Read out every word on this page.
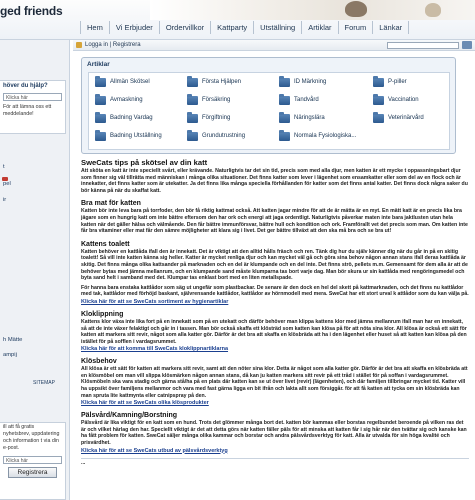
ged friends
Hem	Vi Erbjuder	Ordervillkor	Kattparty	Utställning	Artiklar	Forum	Länkar
höver du hjälp?
Klicka här
För att lämna oss ett meddelande!
t
pel
ir
h Mätte
ampij
SITEMAP
ill att få gratis nyhetsbrev, uppdatering och information t via din e-post.
Klicka här
Registrera
Logga in | Registrera
Artiklar
Allmän Skötsel	Första Hjälpen	ID Märkning	P-piller
Avmaskning	Försäkring	Tandvård	Vaccination
Badning Vardag	Förgiftning	Näringslära	Veterinärvård
Badning Utställning	Grundutrustning	Normala Fysiologiska...
SweCats tips på skötsel av din katt
Att sköta en katt är inte speciellt svårt, eller krävande. Naturligtvis tar det sin tid, precis som med alla djur, men katten är ett mycke t oppassningsbart djur som finner sig väl tillrätta med människan i många olika situationer. Det finns katter som lever i lägenhet som ensamkatter eller som del av en flock och är innekatter, det finns katter som är utekatter. Ja det finns lika många speciella förhållanden för katter som det finns antal katter. Det finns dock några saker du bör känna på när du skaffat katt.
Bra mat för katten
Katten bör inte leva bara på torrfoder, den bör få riktig kattmat också. Att katten jagar mindre för att de är mätta är en myt. En mätt katt är en precis lika bra jägare som en hungrig katt om inte bättre eftersom den har ork och energi att jaga ordentligt. Naturligtvis påverkar maten inte bara jaktlusten utan hela katten när det gäller hälsa och välmående. Den får bättre immunförsvar, bättre hull och kondition och ork. Framförallt vet det precis som man. Om katten inte får bra vitaminer eller mat får den sämre möjligheter att klara sig i livet. Det ger bättre tillväxt att den ska må bra och se bra ut!
Kattens toalett
Katten behöver en kattlåda ifall den är innekatt. Det är viktigt att den alltid hålls fräsch och ren. Tänk dig hur du själv känner dig när du går in på en skitig toalett! Så vill inte katten känna sig heller. Katter är mycket renliga djur och kan mycket väl gå och göra sina behov någon annan stans ifall deras kattlåda är skitig. Det finns många olika kattsander på marknaden och en del är klumpande och en del inte. Det finns strö, pellets m.m. Gemensamt för dem alla är att de behöver bytas med jämna mellanrum, och en klumpande sand måste klumparna tas bort varje dag. Man bör skura ur sin kattlåda med rengöringsmedel och byta sand helt i samband med det. Klumpar tas enklast bort med en liten metallspade.
För hanna bara enstaka kattlådor som säg ut ungefär som plastbackar. De senare är den dock en hel del skett på kattmarknaden, och det finns nu kattlådor med tak, kattlådor med förhöjd baskant, självrensande kattlådor, kattlådor av hörnmodell med mera. SweCat har ett stort urval k attlådor som du kan välja på.
Klicka här för att se SweCats sortiment av hygienartiklar
Kloklippning
Kattens klor växa inte lika fort på en innekatt som på en utekatt och därför behöver man klippa kattens klor med jämna mellanrum ifall man har en innekatt, så att de inte växer felaktigt och går in i tassen. Man bör också skaffa ett klösträd som katten kan klösa på för att nöta sina klor. All klösa är också ett sätt för katten att markera sitt revir, något som alla katter gör. Därför är det bra att skaffa en klösbräda att ha i den lägenhet eller huset så att katten kan klösa på den istället för på sofflen i vardagsrummet.
Klicka här för att komma till SweCats kloklippnartiklarna
Klösbehov
All klösa är ett sätt för katten att markera sitt revir, samt att den nöter sina klor. Detta är något som alla katter gör. Därför är det bra att skaffa en klösbräda att en klösmöbel om man vill slippa klösmärken någon annan stans, då kan ju katten markera sitt revir på ett tråd i stället för på soffan i vardagsrummet. Klösmöbeln ska vara stadig och gärna stå/ha på en plats där katten kan se ut över livet (revir) (lägenheten), och där familjen tillbringar mycket tid. Katter vill ha uppsikt över familjens mellanmor och vara med fast gärna ligga en bit ifrån och lakta allt som försiggår. för att få katten att tycka om sin klösbräda kan man spruta lite kattmynta eller catnipspray på den.
Klicka här för att se SweCats olika klösprodukter
Pälsvård/Kamning/Borstning
Pälsvård är lika viktigt för en katt som en hund. Trots det glömmer många bort det. katten bör kammas eller borstas regelbundet beroende på vilken ras det är och vilket härlag den har. Speciellt viktigt är det att detta görs när katten fäller päls för att minska att katten får i sig hår när den tvättar sig och kanske kan ha fått problem för katten. SweCat säljer många olika kammar och borstar och andra pälsvårdsverktyg för katt. Alla är utvalda för sin höga kvalité och prisvärdhet.
Klicka här för att se SweCats utbud av pälsvårdsverktyg
...
